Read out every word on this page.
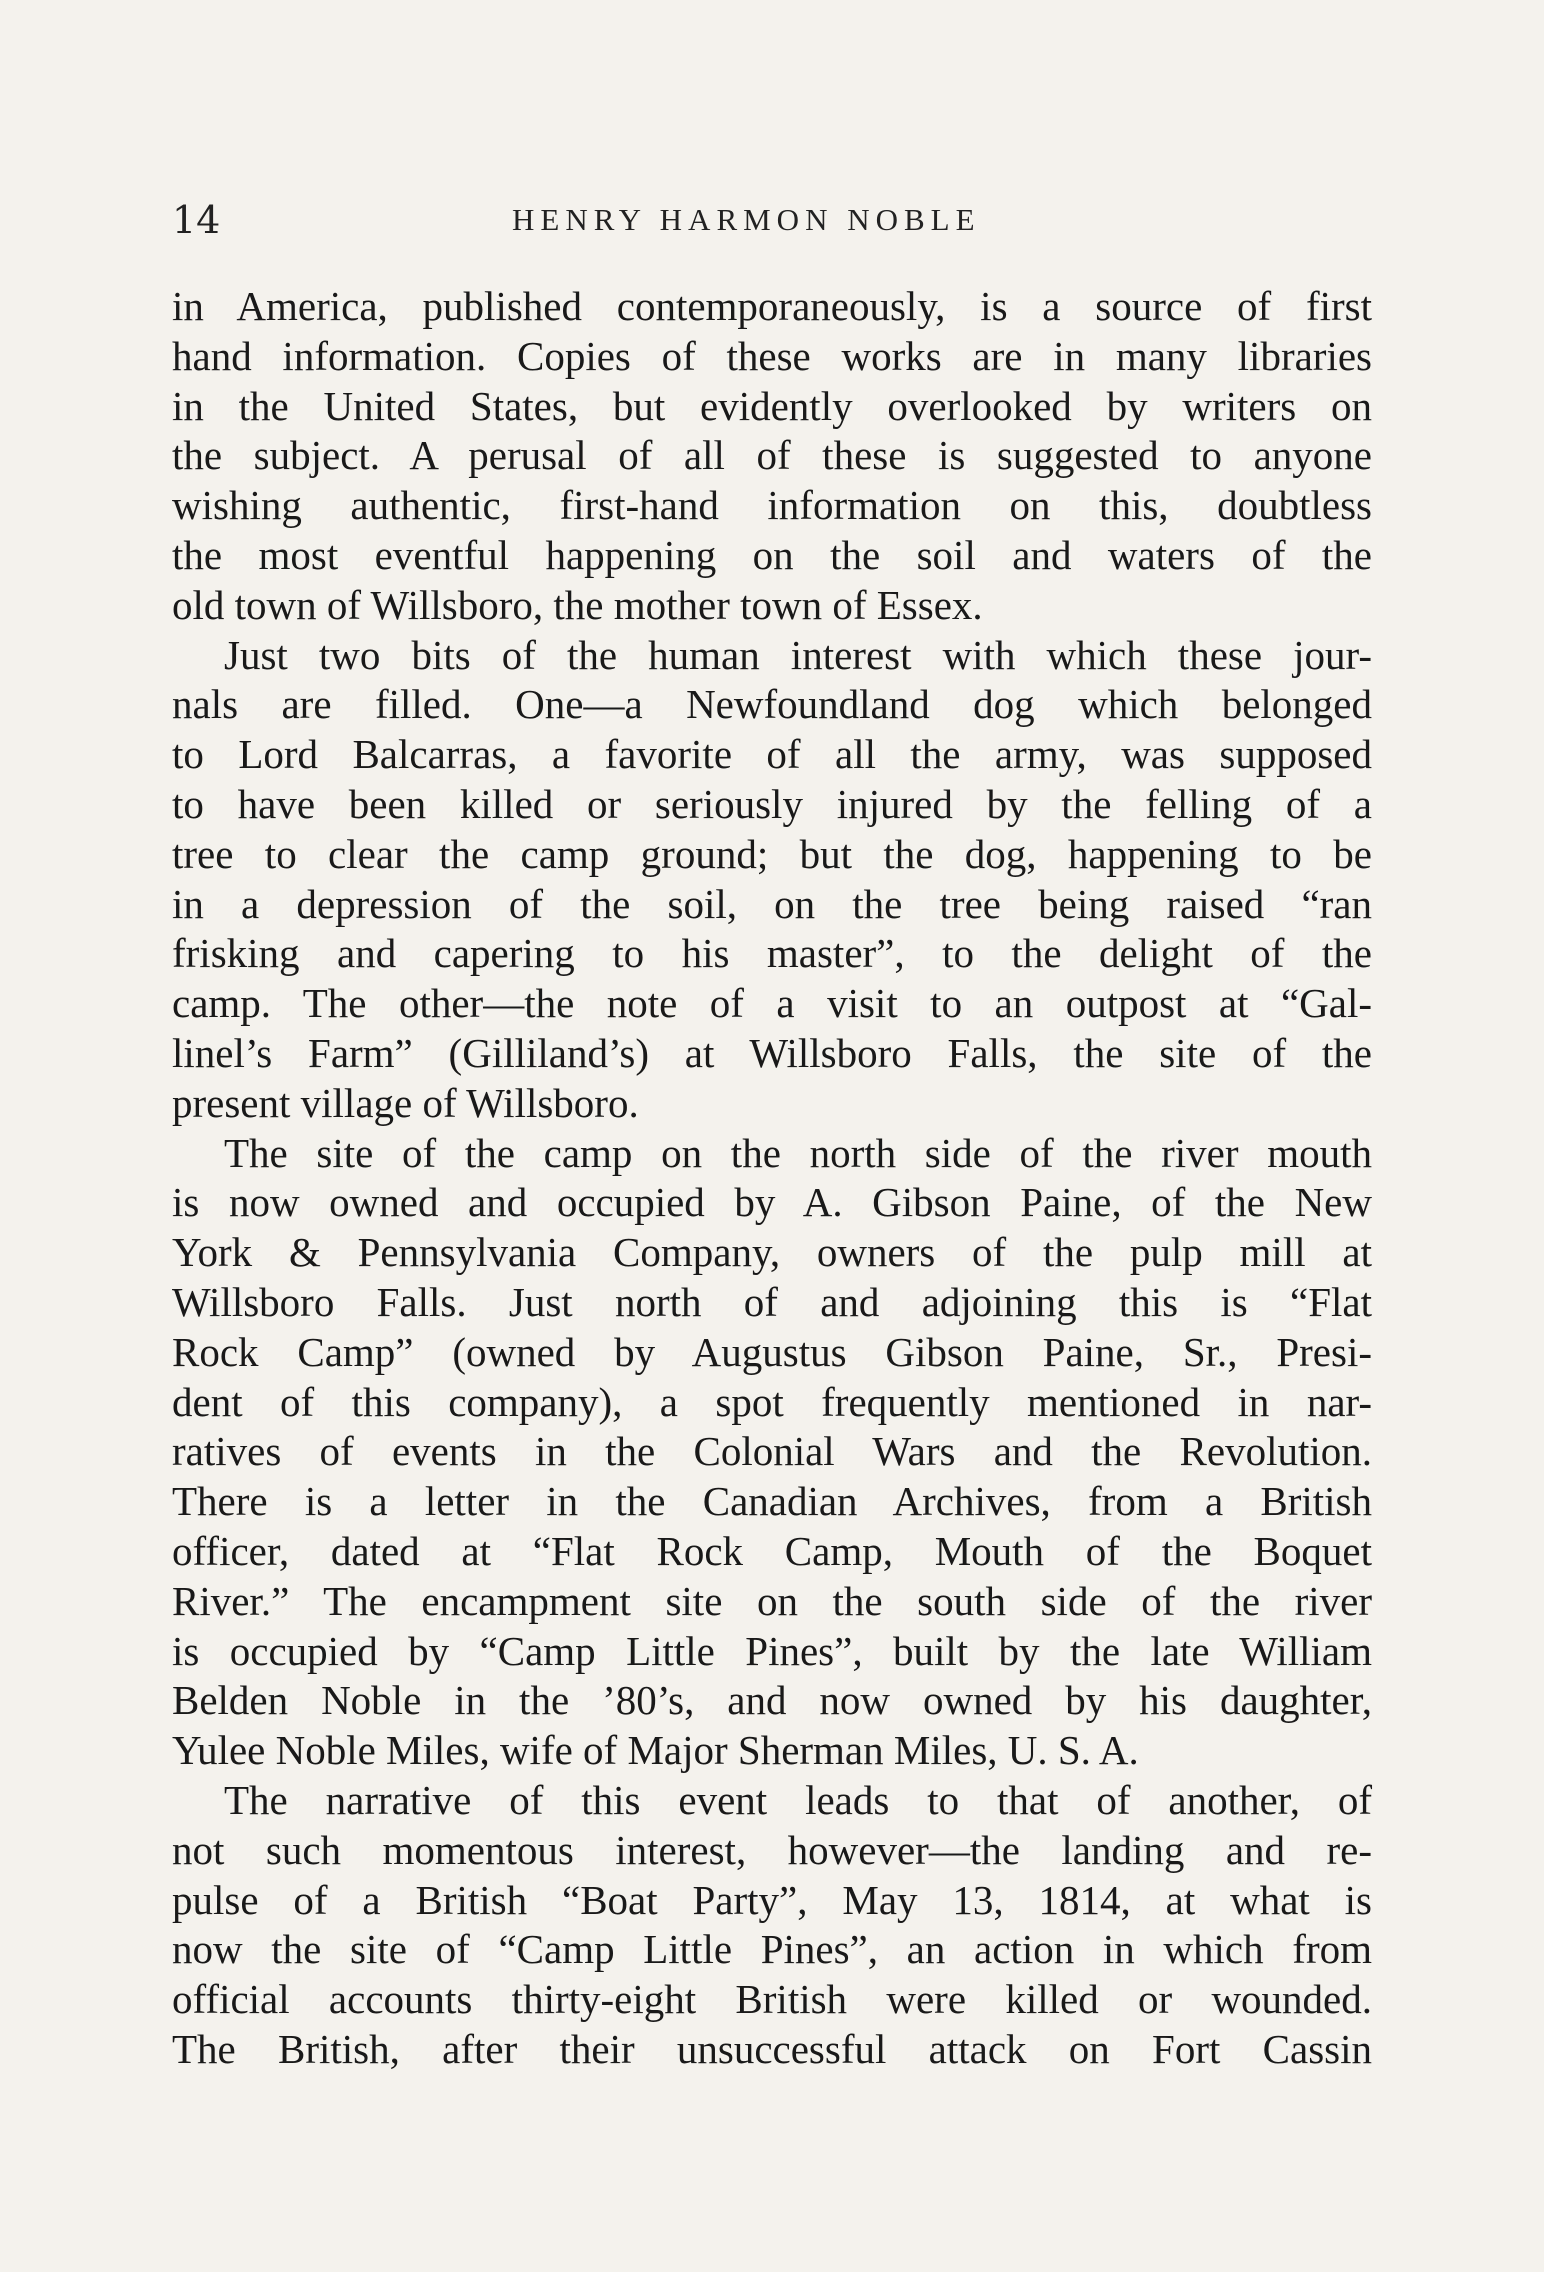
14	HENRY HARMON NOBLE
in America, published contemporaneously, is a source of first
hand information. Copies of these works are in many libraries
in the United States, but evidently overlooked by writers on
the subject. A perusal of all of these is suggested to anyone
wishing authentic, first-hand information on this, doubtless
the most eventful happening on the soil and waters of the
old town of Willsboro, the mother town of Essex.
Just two bits of the human interest with which these jour-
nals are filled. One—a Newfoundland dog which belonged
to Lord Balcarras, a favorite of all the army, was supposed
to have been killed or seriously injured by the felling of a
tree to clear the camp ground; but the dog, happening to be
in a depression of the soil, on the tree being raised “ran
frisking and capering to his master”, to the delight of the
camp. The other—the note of a visit to an outpost at “Gal-
linel’s Farm” (Gilliland’s) at Willsboro Falls, the site of the
present village of Willsboro.
The site of the camp on the north side of the river mouth
is now owned and occupied by A. Gibson Paine, of the New
York & Pennsylvania Company, owners of the pulp mill at
Willsboro Falls. Just north of and adjoining this is “Flat
Rock Camp” (owned by Augustus Gibson Paine, Sr., Presi-
dent of this company), a spot frequently mentioned in nar-
ratives of events in the Colonial Wars and the Revolution.
There is a letter in the Canadian Archives, from a British
officer, dated at “Flat Rock Camp, Mouth of the Boquet
River.” The encampment site on the south side of the river
is occupied by “Camp Little Pines”, built by the late William
Belden Noble in the ’80’s, and now owned by his daughter,
Yulee Noble Miles, wife of Major Sherman Miles, U. S. A.
The narrative of this event leads to that of another, of
not such momentous interest, however—the landing and re-
pulse of a British “Boat Party”, May 13, 1814, at what is
now the site of “Camp Little Pines”, an action in which from
official accounts thirty-eight British were killed or wounded.
The British, after their unsuccessful attack on Fort Cassin
